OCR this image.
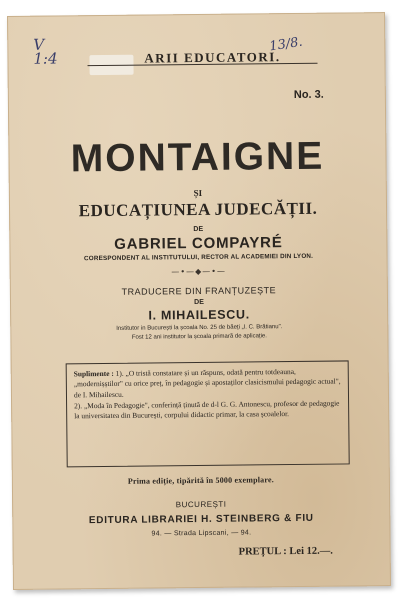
V
1:4	ARII EDUCATORI.
13/8.
No. 3.
MONTAIGNE
ȘI
EDUCAȚIUNEA JUDECĂȚII.
DE
GABRIEL COMPAYRÉ
CORESPONDENT AL INSTITUTULUI, RECTOR AL ACADEMIEI DIN LYON.
—•—◆—•—
TRADUCERE DIN FRANȚUZEȘTE
DE
I. MIHAILESCU.
Institutor in București la școala No. 25 de băeți „I. C. Brătianu".
Fost 12 ani institutor la școala primară de aplicație.

Suplimente : 1). „O tristă constatare și un răspuns, odată pentru totdeauna, „modernișștilor" cu orice preț, în pedagogie și apostaților clasicismului pedagogic actual", de I. Mihailescu.

2). „Moda în Pedagogie", conferință ținută de d-l G. G. Antonescu, profesor de pedagogie la universitatea din București, corpului didactic primar, la casa școalelor.

Prima ediție, tipărită în 5000 exemplare.
BUCUREȘTI
EDITURA LIBRARIEI H. STEINBERG & FIU
94. — Strada Lipscani, — 94.
PREȚUL : Lei 12.—.
